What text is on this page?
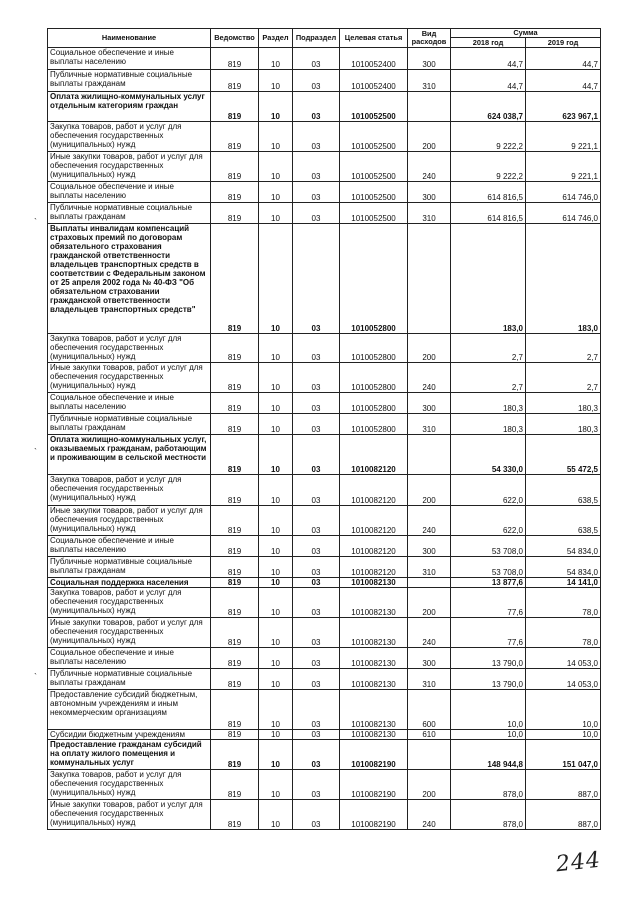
Наименование	Ведомство	Раздел	Подраздел	Целевая статья	Вид расходов	Сумма	
						2018 год	2019 год
Социальное обеспечение и иные выплаты населению	819	10	03	1010052400	300	44,7	44,7
Публичные нормативные социальные выплаты гражданам	819	10	03	1010052400	310	44,7	44,7
Оплата жилищно-коммунальных услуг отдельным категориям граждан	819	10	03	1010052500		624 038,7	623 967,1
Закупка товаров, работ и услуг для обеспечения государственных (муниципальных) нужд	819	10	03	1010052500	200	9 222,2	9 221,1
Иные закупки товаров, работ и услуг для обеспечения государственных (муниципальных) нужд	819	10	03	1010052500	240	9 222,2	9 221,1
Социальное обеспечение и иные выплаты населению	819	10	03	1010052500	300	614 816,5	614 746,0
Публичные нормативные социальные выплаты гражданам	819	10	03	1010052500	310	614 816,5	614 746,0
Выплаты инвалидам компенсаций страховых премий по договорам обязательного страхования гражданской ответственности владельцев транспортных средств в соответствии с Федеральным законом от 25 апреля 2002 года № 40-ФЗ "Об обязательном страховании гражданской ответственности владельцев транспортных средств"	819	10	03	1010052800		183,0	183,0
Закупка товаров, работ и услуг для обеспечения государственных (муниципальных) нужд	819	10	03	1010052800	200	2,7	2,7
Иные закупки товаров, работ и услуг для обеспечения государственных (муниципальных) нужд	819	10	03	1010052800	240	2,7	2,7
Социальное обеспечение и иные выплаты населению	819	10	03	1010052800	300	180,3	180,3
Публичные нормативные социальные выплаты гражданам	819	10	03	1010052800	310	180,3	180,3
Оплата жилищно-коммунальных услуг, оказываемых гражданам, работающим и проживающим в сельской местности	819	10	03	1010082120		54 330,0	55 472,5
Закупка товаров, работ и услуг для обеспечения государственных (муниципальных) нужд	819	10	03	1010082120	200	622,0	638,5
Иные закупки товаров, работ и услуг для обеспечения государственных (муниципальных) нужд	819	10	03	1010082120	240	622,0	638,5
Социальное обеспечение и иные выплаты населению	819	10	03	1010082120	300	53 708,0	54 834,0
Публичные нормативные социальные выплаты гражданам	819	10	03	1010082120	310	53 708,0	54 834,0
Социальная поддержка населения	819	10	03	1010082130		13 877,6	14 141,0
Закупка товаров, работ и услуг для обеспечения государственных (муниципальных) нужд	819	10	03	1010082130	200	77,6	78,0
Иные закупки товаров, работ и услуг для обеспечения государственных (муниципальных) нужд	819	10	03	1010082130	240	77,6	78,0
Социальное обеспечение и иные выплаты населению	819	10	03	1010082130	300	13 790,0	14 053,0
Публичные нормативные социальные выплаты гражданам	819	10	03	1010082130	310	13 790,0	14 053,0
Предоставление субсидий бюджетным, автономным учреждениям и иным некоммерческим организациям	819	10	03	1010082130	600	10,0	10,0
Субсидии бюджетным учреждениям	819	10	03	1010082130	610	10,0	10,0
Предоставление гражданам субсидий на оплату жилого помещения и коммунальных услуг	819	10	03	1010082190		148 944,8	151 047,0
Закупка товаров, работ и услуг для обеспечения государственных (муниципальных) нужд	819	10	03	1010082190	200	878,0	887,0
Иные закупки товаров, работ и услуг для обеспечения государственных (муниципальных) нужд	819	10	03	1010082190	240	878,0	887,0
`
`
`
244
